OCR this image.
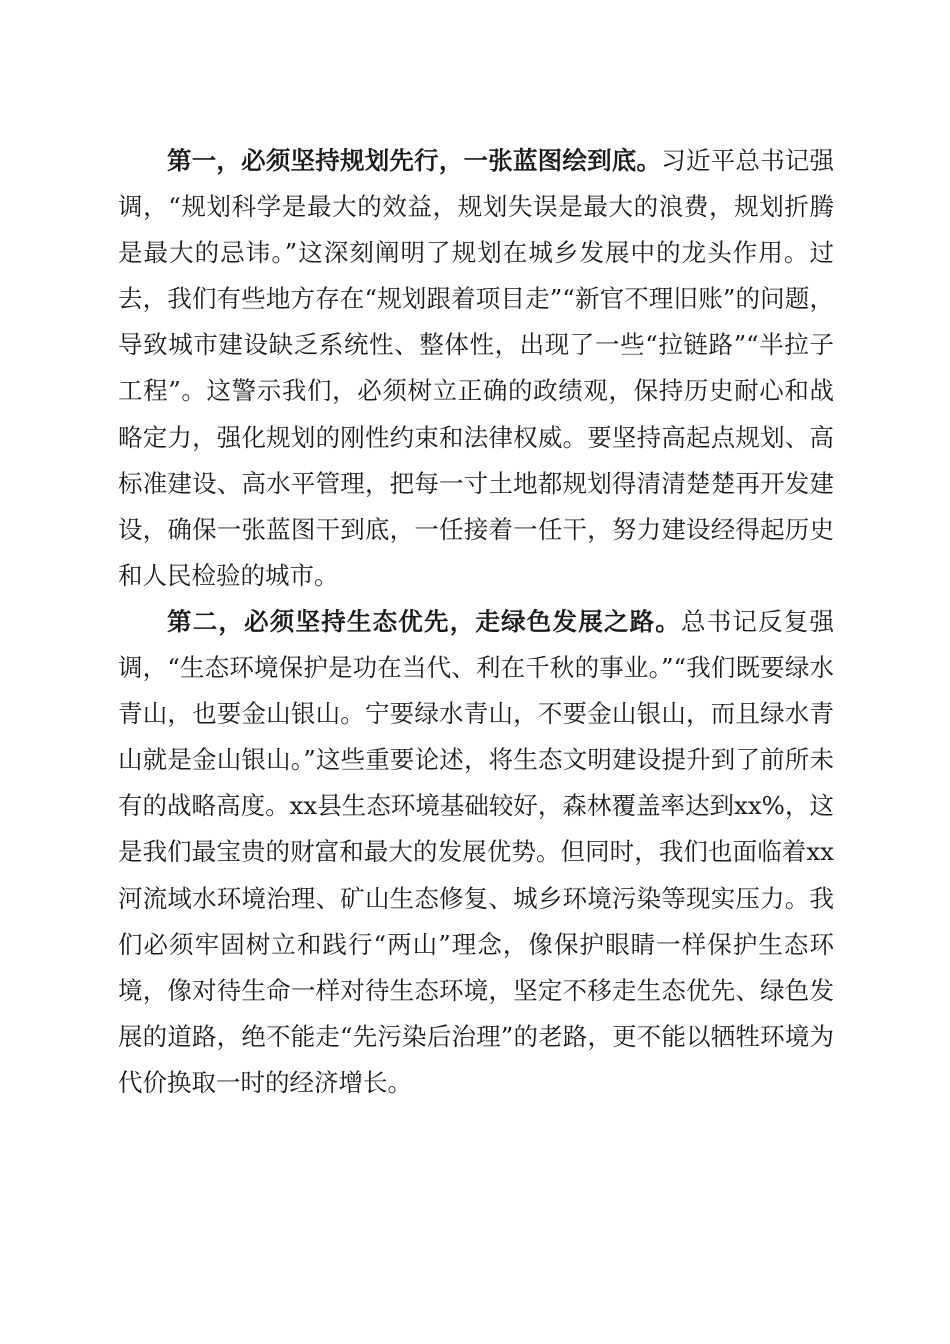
第一，必须坚持规划先行，一张蓝图绘到底。习近平总书记强调，“规划科学是最大的效益，规划失误是最大的浪费，规划折腾是最大的忌讳。”这深刻阐明了规划在城乡发展中的龙头作用。过去，我们有些地方存在“规划跟着项目走”“新官不理旧账”的问题，导致城市建设缺乏系统性、整体性，出现了一些“拉链路”“半拉子工程”。这警示我们，必须树立正确的政绩观，保持历史耐心和战略定力，强化规划的刚性约束和法律权威。要坚持高起点规划、高标准建设、高水平管理，把每一寸土地都规划得清清楚楚再开发建设，确保一张蓝图干到底，一任接着一任干，努力建设经得起历史和人民检验的城市。

第二，必须坚持生态优先，走绿色发展之路。总书记反复强调，“生态环境保护是功在当代、利在千秋的事业。”“我们既要绿水青山，也要金山银山。宁要绿水青山，不要金山银山，而且绿水青山就是金山银山。”这些重要论述，将生态文明建设提升到了前所未有的战略高度。xx县生态环境基础较好，森林覆盖率达到xx%，这是我们最宝贵的财富和最大的发展优势。但同时，我们也面临着xx河流域水环境治理、矿山生态修复、城乡环境污染等现实压力。我们必须牢固树立和践行“两山”理念，像保护眼睛一样保护生态环境，像对待生命一样对待生态环境，坚定不移走生态优先、绿色发展的道路，绝不能走“先污染后治理”的老路，更不能以牺牲环境为代价换取一时的经济增长。
